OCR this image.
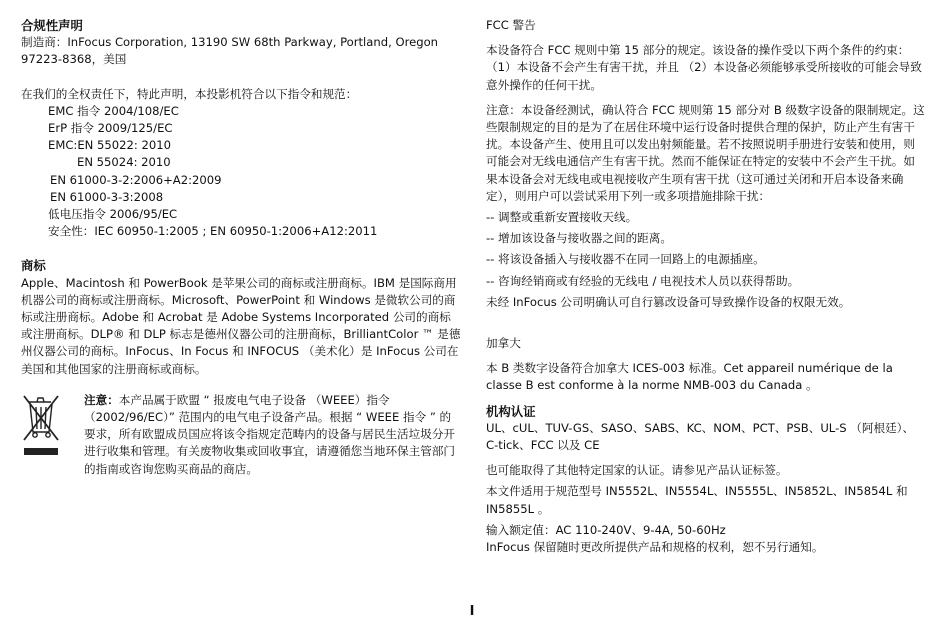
合规性声明

制造商：InFocus Corporation, 13190 SW 68th Parkway, Portland, Oregon 97223-8368，美国

在我们的全权责任下，特此声明，本投影机符合以下指令和规范：

EMC 指令 2004/108/EC

ErP 指令 2009/125/EC

EMC:EN 55022: 2010

EN 55024: 2010

EN 61000-3-2:2006+A2:2009

EN 61000-3-3:2008

低电压指令 2006/95/EC

安全性：IEC 60950-1:2005 ; EN 60950-1:2006+A12:2011

商标

Apple、Macintosh 和 PowerBook 是苹果公司的商标或注册商标。IBM 是国际商用机器公司的商标或注册商标。Microsoft、PowerPoint 和 Windows 是微软公司的商标或注册商标。Adobe 和 Acrobat 是 Adobe Systems Incorporated 公司的商标或注册商标。DLP® 和 DLP 标志是德州仪器公司的注册商标，BrilliantColor ™ 是德州仪器公司的商标。InFocus、In Focus 和 INFOCUS （美术化）是 InFocus 公司在美国和其他国家的注册商标或商标。

注意：本产品属于欧盟 “ 报废电气电子设备 （WEEE）指令（2002/96/EC）” 范围内的电气电子设备产品。根据 “ WEEE 指令 ” 的要求，所有欧盟成员国应将该令指规定范畴内的设备与居民生活垃圾分开进行收集和管理。有关废物收集或回收事宜，请遵循您当地环保主管部门的指南或咨询您购买商品的商店。

FCC 警告

本设备符合 FCC 规则中第 15 部分的规定。该设备的操作受以下两个条件的约束：（1）本设备不会产生有害干扰，并且 （2）本设备必须能够承受所接收的可能会导致意外操作的任何干扰。

注意：本设备经测试，确认符合 FCC 规则第 15 部分对 B 级数字设备的限制规定。这些限制规定的目的是为了在居住环境中运行设备时提供合理的保护，防止产生有害干扰。本设备产生、使用且可以发出射频能量。若不按照说明手册进行安装和使用，则可能会对无线电通信产生有害干扰。然而不能保证在特定的安装中不会产生干扰。如果本设备会对无线电或电视接收产生项有害干扰（这可通过关闭和开启本设备来确定），则用户可以尝试采用下列一或多项措施排除干扰：

-- 调整或重新安置接收天线。

-- 增加该设备与接收器之间的距离。

-- 将该设备插入与接收器不在同一回路上的电源插座。

-- 咨询经销商或有经验的无线电 / 电视技术人员以获得帮助。

未经 InFocus 公司明确认可自行篡改设备可导致操作设备的权限无效。

加拿大

本 B 类数字设备符合加拿大 ICES-003 标准。Cet appareil numérique de la classe B est conforme à la norme NMB-003 du Canada 。

机构认证

UL、cUL、TUV-GS、SASO、SABS、KC、NOM、PCT、PSB、UL-S （阿根廷）、C-tick、FCC 以及 CE

也可能取得了其他特定国家的认证。请参见产品认证标签。

本文件适用于规范型号 IN5552L、IN5554L、IN5555L、IN5852L、IN5854L 和 IN5855L 。

输入额定值：AC 110-240V、9-4A, 50-60Hz

InFocus 保留随时更改所提供产品和规格的权利，恕不另行通知。

I
